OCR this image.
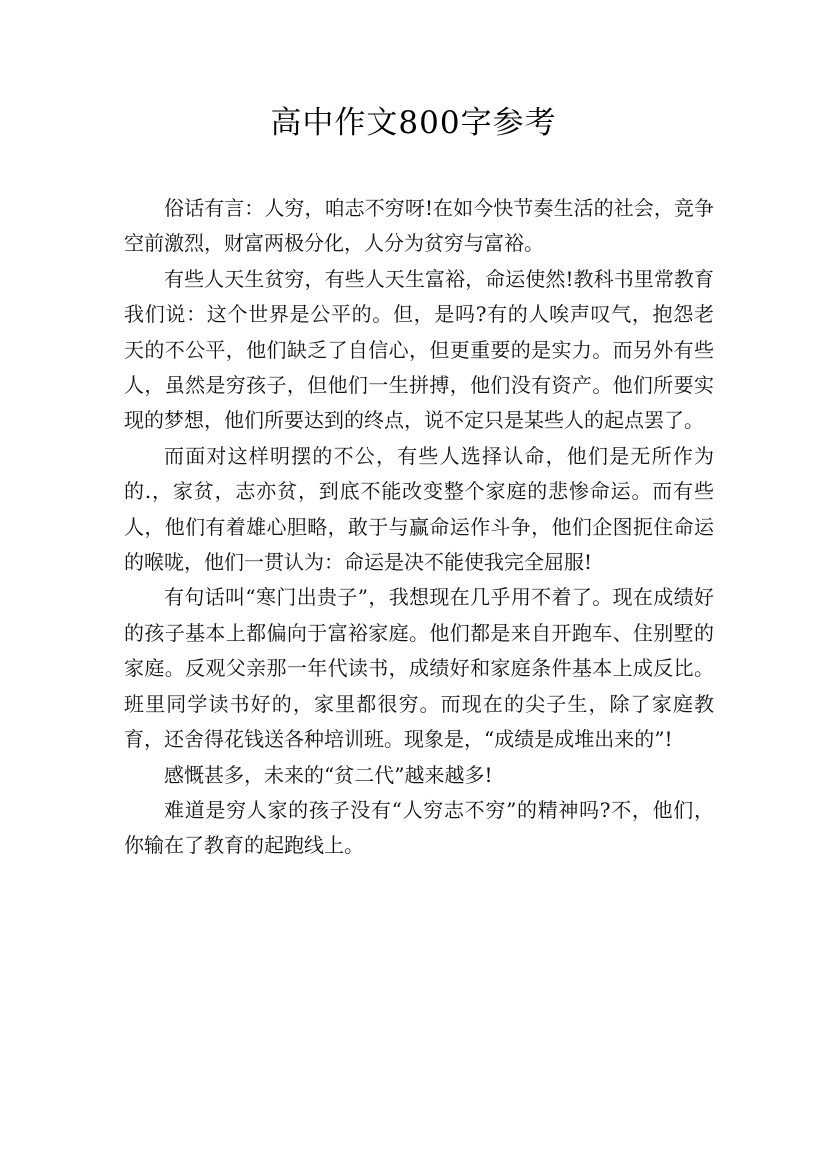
高中作文800字参考

俗话有言：人穷，咱志不穷呀!在如今快节奏生活的社会，竞争空前激烈，财富两极分化，人分为贫穷与富裕。

有些人天生贫穷，有些人天生富裕，命运使然!教科书里常教育我们说：这个世界是公平的。但，是吗?有的人唉声叹气，抱怨老天的不公平，他们缺乏了自信心，但更重要的是实力。而另外有些人，虽然是穷孩子，但他们一生拼搏，他们没有资产。他们所要实现的梦想，他们所要达到的终点，说不定只是某些人的起点罢了。

而面对这样明摆的不公，有些人选择认命，他们是无所作为的.，家贫，志亦贫，到底不能改变整个家庭的悲惨命运。而有些人，他们有着雄心胆略，敢于与赢命运作斗争，他们企图扼住命运的喉咙，他们一贯认为：命运是决不能使我完全屈服!

有句话叫“寒门出贵子”，我想现在几乎用不着了。现在成绩好的孩子基本上都偏向于富裕家庭。他们都是来自开跑车、住别墅的家庭。反观父亲那一年代读书，成绩好和家庭条件基本上成反比。班里同学读书好的，家里都很穷。而现在的尖子生，除了家庭教育，还舍得花钱送各种培训班。现象是，“成绩是成堆出来的”!

感慨甚多，未来的“贫二代”越来越多!

难道是穷人家的孩子没有“人穷志不穷”的精神吗?不，他们，你输在了教育的起跑线上。
